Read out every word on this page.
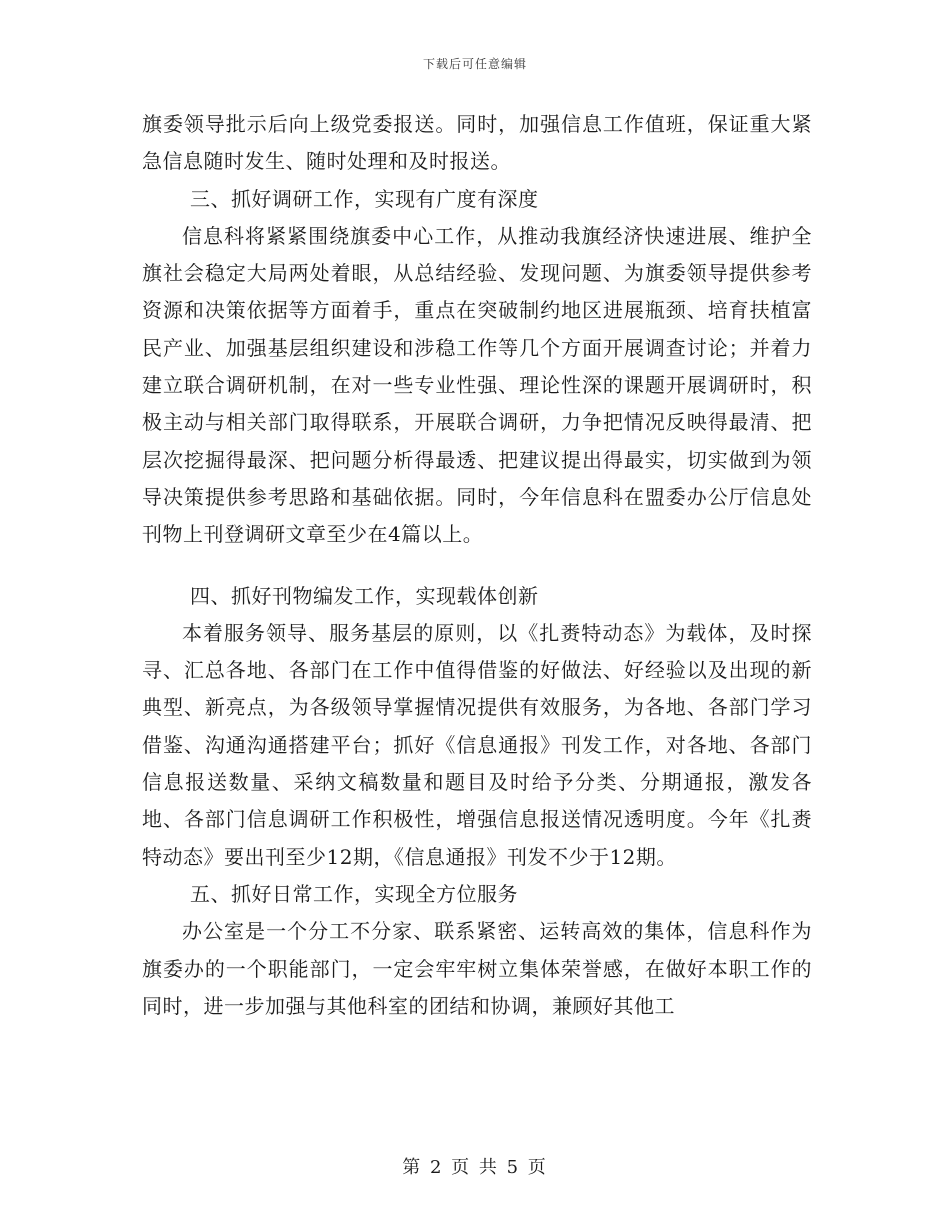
下载后可任意编辑

旗委领导批示后向上级党委报送。同时，加强信息工作值班，保证重大紧急信息随时发生、随时处理和及时报送。

三、抓好调研工作，实现有广度有深度

信息科将紧紧围绕旗委中心工作，从推动我旗经济快速进展、维护全旗社会稳定大局两处着眼，从总结经验、发现问题、为旗委领导提供参考资源和决策依据等方面着手，重点在突破制约地区进展瓶颈、培育扶植富民产业、加强基层组织建设和涉稳工作等几个方面开展调查讨论；并着力建立联合调研机制，在对一些专业性强、理论性深的课题开展调研时，积极主动与相关部门取得联系，开展联合调研，力争把情况反映得最清、把层次挖掘得最深、把问题分析得最透、把建议提出得最实，切实做到为领导决策提供参考思路和基础依据。同时，今年信息科在盟委办公厅信息处刊物上刊登调研文章至少在4篇以上。

四、抓好刊物编发工作，实现载体创新

本着服务领导、服务基层的原则，以《扎赉特动态》为载体，及时探寻、汇总各地、各部门在工作中值得借鉴的好做法、好经验以及出现的新典型、新亮点，为各级领导掌握情况提供有效服务，为各地、各部门学习借鉴、沟通沟通搭建平台；抓好《信息通报》刊发工作，对各地、各部门信息报送数量、采纳文稿数量和题目及时给予分类、分期通报，激发各地、各部门信息调研工作积极性，增强信息报送情况透明度。今年《扎赉特动态》要出刊至少12期，《信息通报》刊发不少于12期。

五、抓好日常工作，实现全方位服务

办公室是一个分工不分家、联系紧密、运转高效的集体，信息科作为旗委办的一个职能部门，一定会牢牢树立集体荣誉感，在做好本职工作的同时，进一步加强与其他科室的团结和协调，兼顾好其他工

第 2 页 共 5 页
